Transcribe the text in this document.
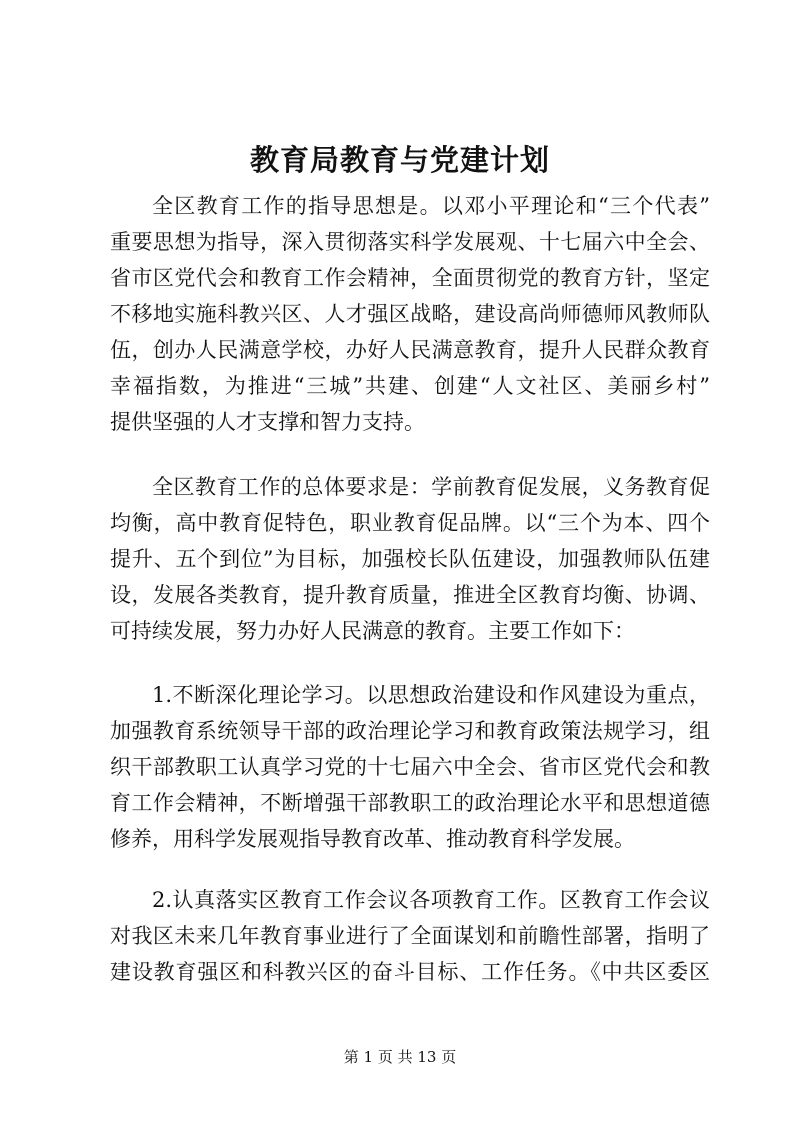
教育局教育与党建计划
全区教育工作的指导思想是。以邓小平理论和“三个代表”
重要思想为指导，深入贯彻落实科学发展观、十七届六中全会、
省市区党代会和教育工作会精神，全面贯彻党的教育方针，坚定
不移地实施科教兴区、人才强区战略，建设高尚师德师风教师队
伍，创办人民满意学校，办好人民满意教育，提升人民群众教育
幸福指数，为推进“三城”共建、创建“人文社区、美丽乡村”
提供坚强的人才支撑和智力支持。
全区教育工作的总体要求是：学前教育促发展，义务教育促
均衡，高中教育促特色，职业教育促品牌。以“三个为本、四个
提升、五个到位”为目标，加强校长队伍建设，加强教师队伍建
设，发展各类教育，提升教育质量，推进全区教育均衡、协调、
可持续发展，努力办好人民满意的教育。主要工作如下：
1.不断深化理论学习。以思想政治建设和作风建设为重点，
加强教育系统领导干部的政治理论学习和教育政策法规学习，组
织干部教职工认真学习党的十七届六中全会、省市区党代会和教
育工作会精神，不断增强干部教职工的政治理论水平和思想道德
修养，用科学发展观指导教育改革、推动教育科学发展。
2.认真落实区教育工作会议各项教育工作。区教育工作会议
对我区未来几年教育事业进行了全面谋划和前瞻性部署，指明了
建设教育强区和科教兴区的奋斗目标、工作任务。《中共区委区
第 1 页 共 13 页
